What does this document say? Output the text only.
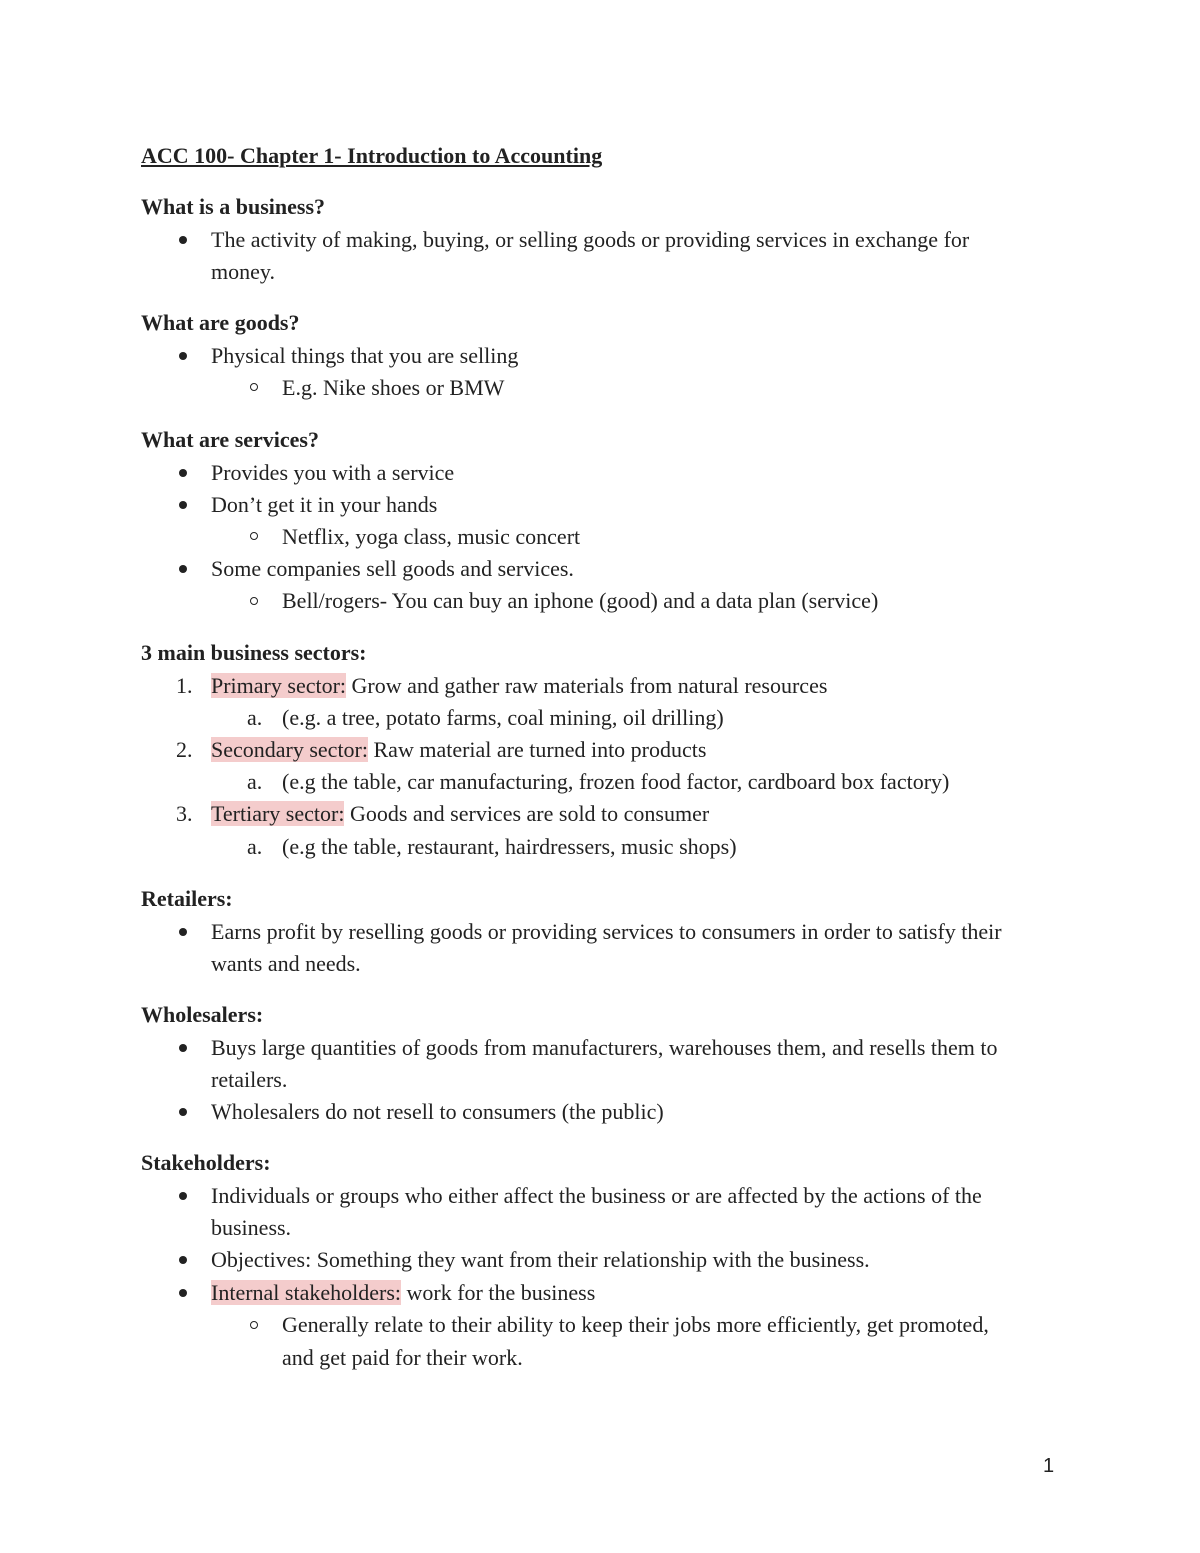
ACC 100- Chapter 1- Introduction to Accounting
What is a business?
The activity of making, buying, or selling goods or providing services in exchange for
money.
What are goods?
Physical things that you are selling
E.g. Nike shoes or BMW
What are services?
Provides you with a service
Don’t get it in your hands
Netflix, yoga class, music concert
Some companies sell goods and services.
Bell/rogers- You can buy an iphone (good) and a data plan (service)
3 main business sectors:
1. Primary sector: Grow and gather raw materials from natural resources
a. (e.g. a tree, potato farms, coal mining, oil drilling)
2. Secondary sector: Raw material are turned into products
a. (e.g the table, car manufacturing, frozen food factor, cardboard box factory)
3. Tertiary sector: Goods and services are sold to consumer
a. (e.g the table, restaurant, hairdressers, music shops)
Retailers:
Earns profit by reselling goods or providing services to consumers in order to satisfy their
wants and needs.
Wholesalers:
Buys large quantities of goods from manufacturers, warehouses them, and resells them to
retailers.
Wholesalers do not resell to consumers (the public)
Stakeholders:
Individuals or groups who either affect the business or are affected by the actions of the
business.
Objectives: Something they want from their relationship with the business.
Internal stakeholders: work for the business
Generally relate to their ability to keep their jobs more efficiently, get promoted,
and get paid for their work.
1
